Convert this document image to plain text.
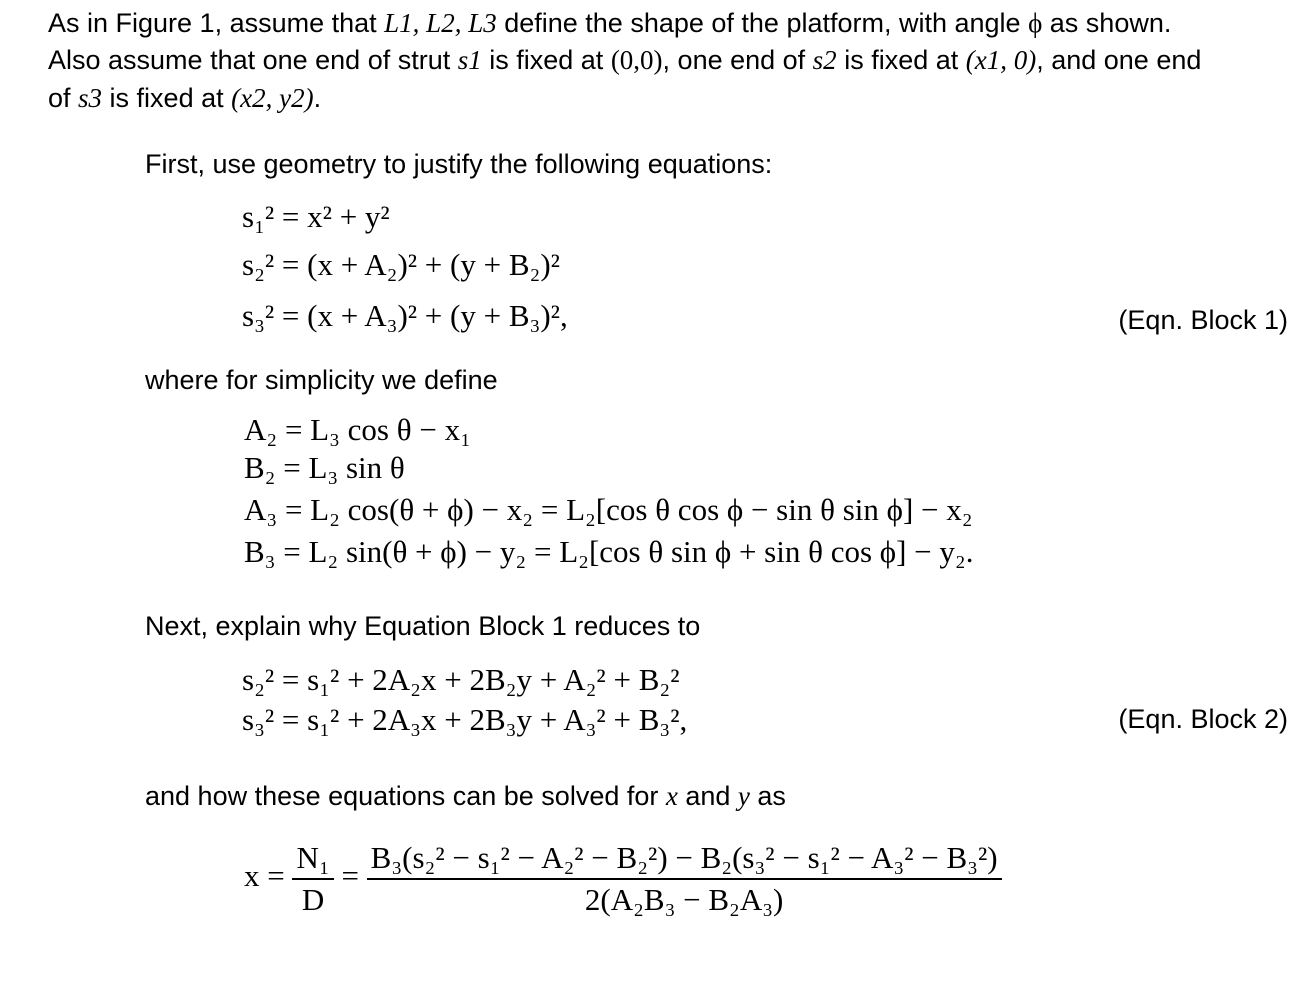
As in Figure 1, assume that L1, L2, L3 define the shape of the platform, with angle ϕ as shown.
Also assume that one end of strut s1 is fixed at (0,0), one end of s2 is fixed at (x1, 0), and one end
of s3 is fixed at (x2, y2).
First, use geometry to justify the following equations:
s₁² = x² + y²
s₂² = (x + A₂)² + (y + B₂)²
s₃² = (x + A₃)² + (y + B₃)²,	(Eqn. Block 1)
where for simplicity we define
A₂ = L₃ cos θ − x₁
B₂ = L₃ sin θ
A₃ = L₂ cos(θ + ϕ) − x₂ = L₂[cos θ cos ϕ − sin θ sin ϕ] − x₂
B₃ = L₂ sin(θ + ϕ) − y₂ = L₂[cos θ sin ϕ + sin θ cos ϕ] − y₂.
Next, explain why Equation Block 1 reduces to
s₂² = s₁² + 2A₂x + 2B₂y + A₂² + B₂²
s₃² = s₁² + 2A₃x + 2B₃y + A₃² + B₃²,	(Eqn. Block 2)
and how these equations can be solved for x and y as
$x = \frac{\text{N₁}}{D} = \frac{\text{B₃(s₂² − s₁² − A₂² − B₂²) − B₂(s₃² − s₁² − A₃² − B₃²)}}{\text{2(A₂B₃ − B₂A₃)}}$
